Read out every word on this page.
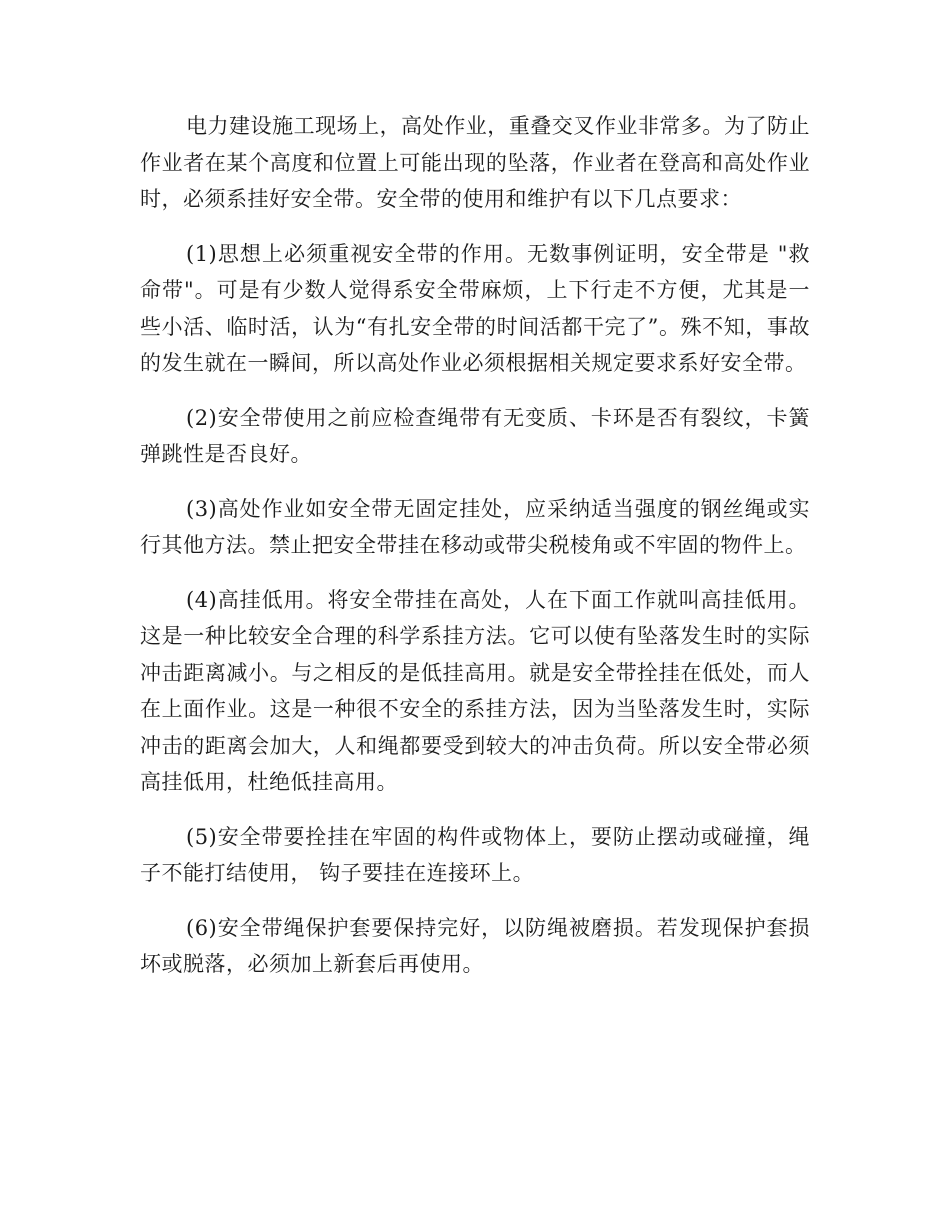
电力建设施工现场上，高处作业，重叠交叉作业非常多。为了防止作业者在某个高度和位置上可能出现的坠落，作业者在登高和高处作业时，必须系挂好安全带。安全带的使用和维护有以下几点要求：

(1)思想上必须重视安全带的作用。无数事例证明，安全带是 "救命带"。可是有少数人觉得系安全带麻烦，上下行走不方便，尤其是一些小活、临时活，认为“有扎安全带的时间活都干完了”。殊不知，事故的发生就在一瞬间，所以高处作业必须根据相关规定要求系好安全带。

(2)安全带使用之前应检查绳带有无变质、卡环是否有裂纹，卡簧弹跳性是否良好。

(3)高处作业如安全带无固定挂处，应采纳适当强度的钢丝绳或实行其他方法。禁止把安全带挂在移动或带尖税棱角或不牢固的物件上。

(4)高挂低用。将安全带挂在高处，人在下面工作就叫高挂低用。这是一种比较安全合理的科学系挂方法。它可以使有坠落发生时的实际冲击距离减小。与之相反的是低挂高用。就是安全带拴挂在低处，而人在上面作业。这是一种很不安全的系挂方法，因为当坠落发生时，实际冲击的距离会加大，人和绳都要受到较大的冲击负荷。所以安全带必须高挂低用，杜绝低挂高用。

(5)安全带要拴挂在牢固的构件或物体上，要防止摆动或碰撞，绳子不能打结使用， 钩子要挂在连接环上。

(6)安全带绳保护套要保持完好，以防绳被磨损。若发现保护套损坏或脱落，必须加上新套后再使用。
